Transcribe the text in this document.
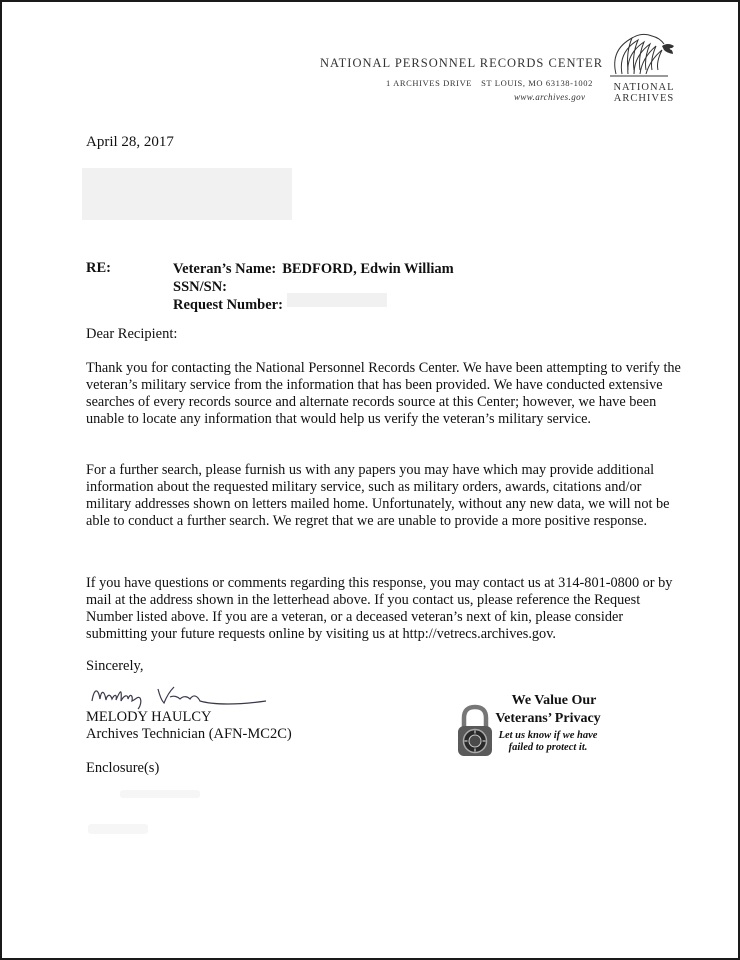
NATIONAL PERSONNEL RECORDS CENTER
1 ARCHIVES DRIVE ST LOUIS, MO 63138-1002
www.archives.gov
NATIONAL
ARCHIVES
April 28, 2017
RE:	Veteran’s Name: BEDFORD, Edwin William
SSN/SN:
Request Number:
Dear Recipient:

Thank you for contacting the National Personnel Records Center. We have been attempting to verify the veteran’s military service from the information that has been provided. We have conducted extensive searches of every records source and alternate records source at this Center; however, we have been unable to locate any information that would help us verify the veteran’s military service.

For a further search, please furnish us with any papers you may have which may provide additional information about the requested military service, such as military orders, awards, citations and/or military addresses shown on letters mailed home. Unfortunately, without any new data, we will not be able to conduct a further search. We regret that we are unable to provide a more positive response.

If you have questions or comments regarding this response, you may contact us at 314-801-0800 or by mail at the address shown in the letterhead above. If you contact us, please reference the Request Number listed above. If you are a veteran, or a deceased veteran’s next of kin, please consider submitting your future requests online by visiting us at http://vetrecs.archives.gov.

Sincerely,
MELODY HAULCY
Archives Technician (AFN-MC2C)
Enclosure(s)
We Value Our
Veterans’ Privacy
Let us know if we have
failed to protect it.
